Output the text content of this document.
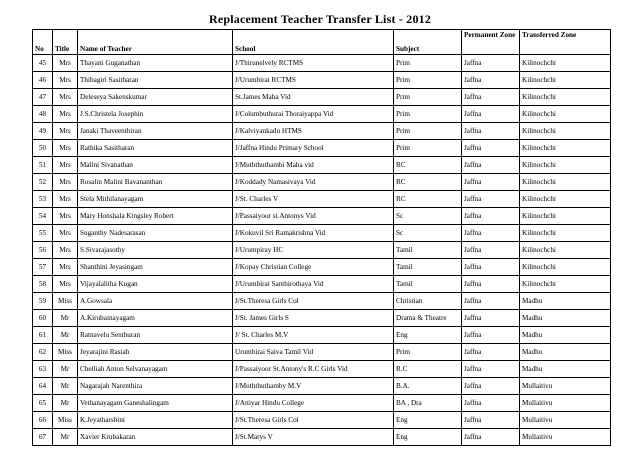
Replacement Teacher Transfer List - 2012
No	Title	Name of Teacher	School	Subject	Permanent Zone	Transferred Zone
45	Mrs	Thayani Guganathan	J/Thirunelvely RCTMS	Prim	Jaffna	Kilinochchi
46	Mrs	Thibagiri Sasitharan	J/Urumbirai RCTMS	Prim	Jaffna	Kilinochchi
47	Mrs	Deleseya Sakenskumar	St.James Maha Vid	Prim	Jaffna	Kilinochchi
48	Mrs	J.S.Christela Josephin	J/Columbuthurai Thoraiyappa Vid	Prim	Jaffna	Kilinochchi
49	Mrs	Janaki Thaveenthiran	J/Kalviyankadu HTMS	Prim	Jaffna	Kilinochchi
50	Mrs	Rathika Sasitharan	J/Jaffna Hindu Primary School	Prim	Jaffna	Kilinochchi
51	Mrs	Malini Sivanathan	J/Muththuthambi Maha vid	RC	Jaffna	Kilinochchi
52	Mrs	Rosalin Malini Bavananthan	J/Koddady Namasivaya Vid	RC	Jaffna	Kilinochchi
53	Mrs	Stela Mithilanayagam	J/St. Charles V	RC	Jaffna	Kilinochchi
54	Mrs	Mary Honshala Kingsley Robert	J/Passaiyoor st.Antonys Vid	Sc	Jaffna	Kilinochchi
55	Mrs	Suganthy Nadesarasan	J/Kokuvil Sri Ramakrishna Vid	Sc	Jaffna	Kilinochchi
56	Mrs	S.Sivarajasothy	J/Urumpiray HC	Tamil	Jaffna	Kilinochchi
57	Mrs	Shanthini Jeyasingam	J/Kopay Christian College	Tamil	Jaffna	Kilinochchi
58	Mrs	Vijayalalitha Kugan	J/Urumbirai Santhirothaya Vid	Tamil	Jaffna	Kilinochchi
59	Miss	A.Gowsala	J/St.Theresa Girls Col	Christian	Jaffna	Madhu
60	Mr	A.Kirubainayagam	J/St. James Girls S	Drama & Theatre	Jaffna	Madhu
61	Mr	Ratnavelu Senthuran	J/ St. Charles M.V	Eng	Jaffna	Madhu
62	Miss	Jeyarajini Rasiah	Urumbirai Saiva Tamil Vid	Prim	Jaffna	Madhu
63	Mr	Chelliah Anton Selvanayagam	J/Passaiyoor St.Antony's R.C Girls Vid	R.C	Jaffna	Madhu
64	Mr	Nagarajah Narenthira	J/Muththuthamby M.V	B.A.	Jaffna	Mullaitivu
65	Mr	Vethanayagam Ganeshalingam	J/Attiyar Hindu College	BA , Dra	Jaffna	Mullaitivu
66	Miss	K.Jeyatharshini	J/St.Theresa Girls Col	Eng	Jaffna	Mullaitivu
67	Mr	Xavier Krubakaran	J/St.Marys V	Eng	Jaffna	Mullaitivu
